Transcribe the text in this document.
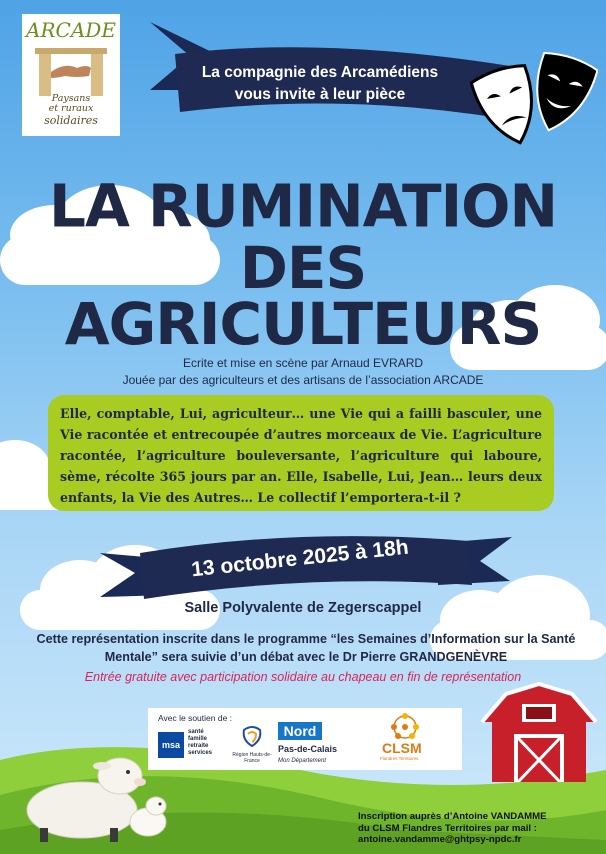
La compagnie des Arcamédiens
vous invite à leur pièce
ARCADE
Paysans
et ruraux
solidaires
LA RUMINATION
DES
AGRICULTEURS
Ecrite et mise en scène par Arnaud EVRARD
Jouée par des agriculteurs et des artisans de l’association ARCADE
Elle, comptable, Lui, agriculteur… une Vie qui a failli basculer, une Vie racontée et entrecoupée d’autres morceaux de Vie. L’agriculture racontée, l’agriculture bouleversante, l’agriculture qui laboure, sème, récolte 365 jours par an. Elle, Isabelle, Lui, Jean… leurs deux enfants, la Vie des Autres… Le collectif l’emportera-t-il ?
13 octobre 2025 à 18h
Salle Polyvalente de Zegerscappel
Cette représentation inscrite dans le programme “les Semaines d’Information sur la Santé Mentale” sera suivie d’un débat avec le Dr Pierre GRANDGENÈVRE
Entrée gratuite avec participation solidaire au chapeau en fin de représentation
Avec le soutien de :
msa
santé
famille
retraite
services	Région Hauts-de-France
Nord
Pas-de-Calais
Mon Département
CLSM
Flandres Territoires
Inscription auprès d’Antoine VANDAMME
du CLSM Flandres Territoires par mail :
antoine.vandamme@ghtpsy-npdc.fr
